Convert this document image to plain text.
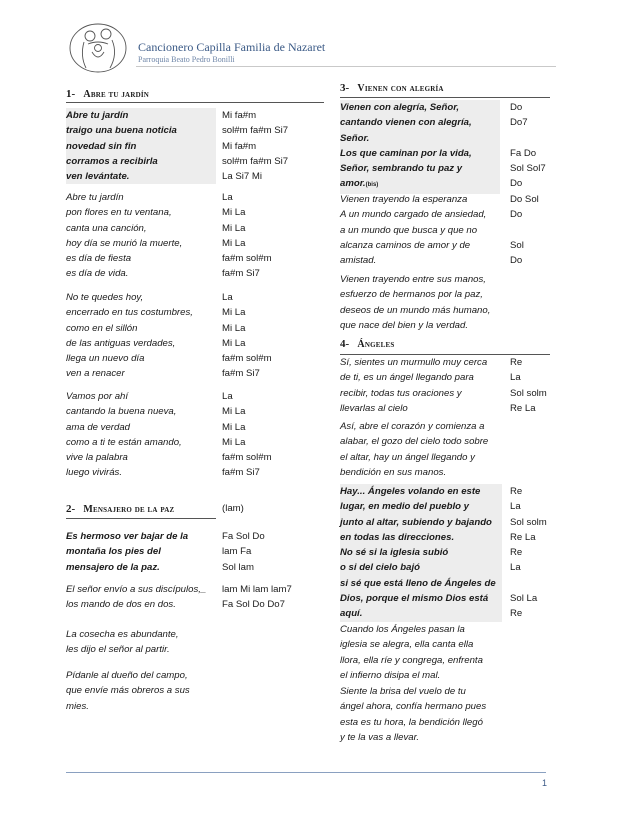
Cancionero Capilla Familia de Nazaret
Parroquia Beato Pedro Bonilli
1- Abre tu jardín
Abre tu jardín
traigo una buena noticia
novedad sin fin
corramos a recibirla
ven levántate.
Mi fa#m
sol#m fa#m Si7
Mi fa#m
sol#m fa#m Si7
La Si7 Mi
Abre tu jardín
pon flores en tu ventana,
canta una canción,
hoy día se murió la muerte,
es día de fiesta
es día de vida.
La
Mi La
Mi La
Mi La
fa#m sol#m
fa#m Si7
No te quedes hoy,
encerrado en tus costumbres,
como en el sillón
de las antiguas verdades,
llega un nuevo día
ven a renacer
La
Mi La
Mi La
Mi La
fa#m sol#m
fa#m Si7
Vamos por ahí
cantando la buena nueva,
ama de verdad
como a ti te están amando,
vive la palabra
luego vivirás.
La
Mi La
Mi La
Mi La
fa#m sol#m
fa#m Si7
2- Mensajero de la paz	(lam)
Es hermoso ver bajar de la
montaña los pies del
mensajero de la paz.
Fa Sol Do
lam Fa
Sol lam
El señor envío a sus discípulos,_
los mando de dos en dos.
lam Mi lam lam7
Fa Sol Do Do7
La cosecha es abundante,
les dijo el señor al partir.
Pídanle al dueño del campo,
que envíe más obreros a sus
mies.
3- Vienen con alegría
Vienen con alegría, Señor,
cantando vienen con alegría,
Señor.
Los que caminan por la vida,
Señor, sembrando tu paz y
amor.(bis)
Do
Do7

Fa Do
Sol Sol7
Do
Vienen trayendo la esperanza
A un mundo cargado de ansiedad,
a un mundo que busca y que no
alcanza caminos de amor y de
amistad.
Do Sol
Do

Sol
Do
Vienen trayendo entre sus manos,
esfuerzo de hermanos por la paz,
deseos de un mundo más humano,
que nace del bien y la verdad.
4- Ángeles
Sí, sientes un murmullo muy cerca
de ti, es un ángel llegando para
recibir, todas tus oraciones y
llevarlas al cielo
Re
La
Sol solm
Re La
Así, abre el corazón y comienza a
alabar, el gozo del cielo todo sobre
el altar, hay un ángel llegando y
bendición en sus manos.
Hay... Ángeles volando en este
lugar, en medio del pueblo y
junto al altar, subiendo y bajando
en todas las direcciones.
No sé si la iglesia subió
o si del cielo bajó
si sé que está lleno de Ángeles de
Dios, porque el mismo Dios está
aquí.
Re
La
Sol solm
Re La
Re
La

Sol La
Re
Cuando los Ángeles pasan la
iglesia se alegra, ella canta ella
llora, ella ríe y congrega, enfrenta
el infierno disipa el mal.
Siente la brisa del vuelo de tu
ángel ahora, confía hermano pues
esta es tu hora, la bendición llegó
y te la vas a llevar.
1
